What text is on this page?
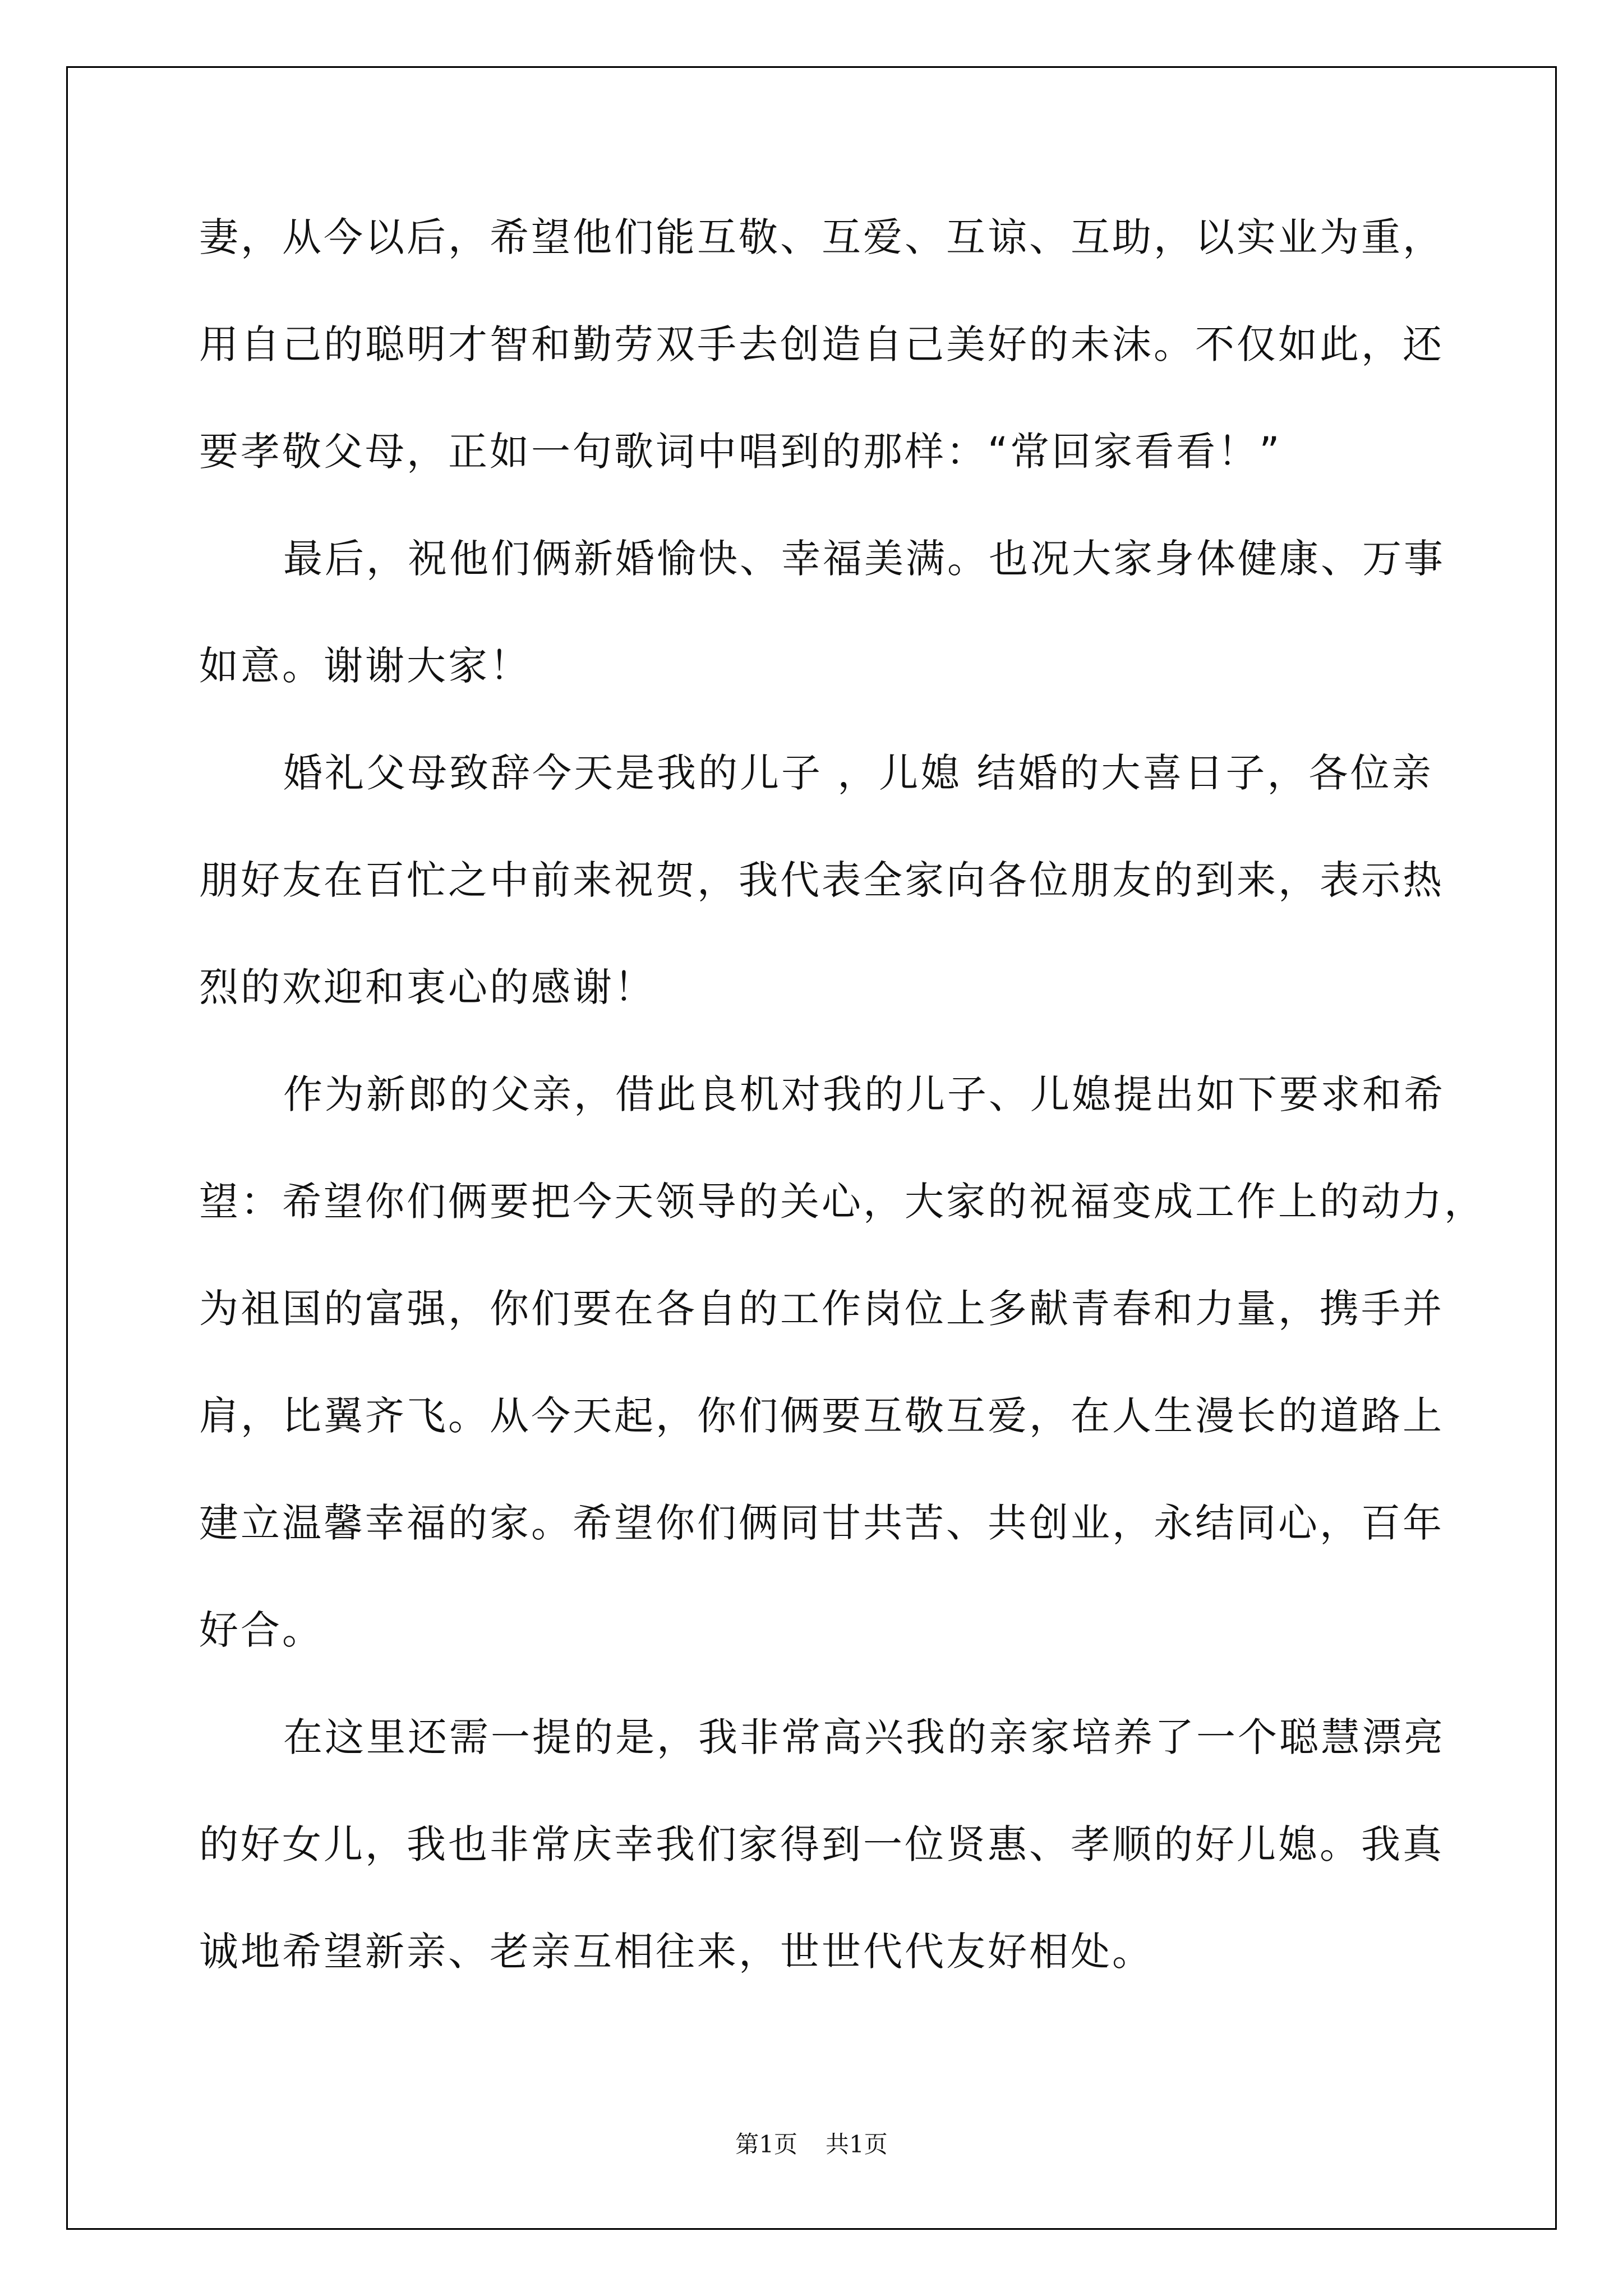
妻，从今以后，希望他们能互敬、互爱、互谅、互助，以实业为重，
用自己的聪明才智和勤劳双手去创造自己美好的未沫。不仅如此，还
要孝敬父母，正如一句歌词中唱到的那样：“常回家看看！”
最后，祝他们俩新婚愉快、幸福美满。也况大家身体健康、万事
如意。谢谢大家！
婚礼父母致辞今天是我的儿子 ，儿媳 结婚的大喜日子，各位亲
朋好友在百忙之中前来祝贺，我代表全家向各位朋友的到来，表示热
烈的欢迎和衷心的感谢！
作为新郎的父亲，借此良机对我的儿子、儿媳提出如下要求和希
望：希望你们俩要把今天领导的关心，大家的祝福变成工作上的动力，
为祖国的富强，你们要在各自的工作岗位上多献青春和力量，携手并
肩，比翼齐飞。从今天起，你们俩要互敬互爱，在人生漫长的道路上
建立温馨幸福的家。希望你们俩同甘共苦、共创业，永结同心，百年
好合。
在这里还需一提的是，我非常高兴我的亲家培养了一个聪慧漂亮
的好女儿，我也非常庆幸我们家得到一位贤惠、孝顺的好儿媳。我真
诚地希望新亲、老亲互相往来，世世代代友好相处。
第1页 共1页
